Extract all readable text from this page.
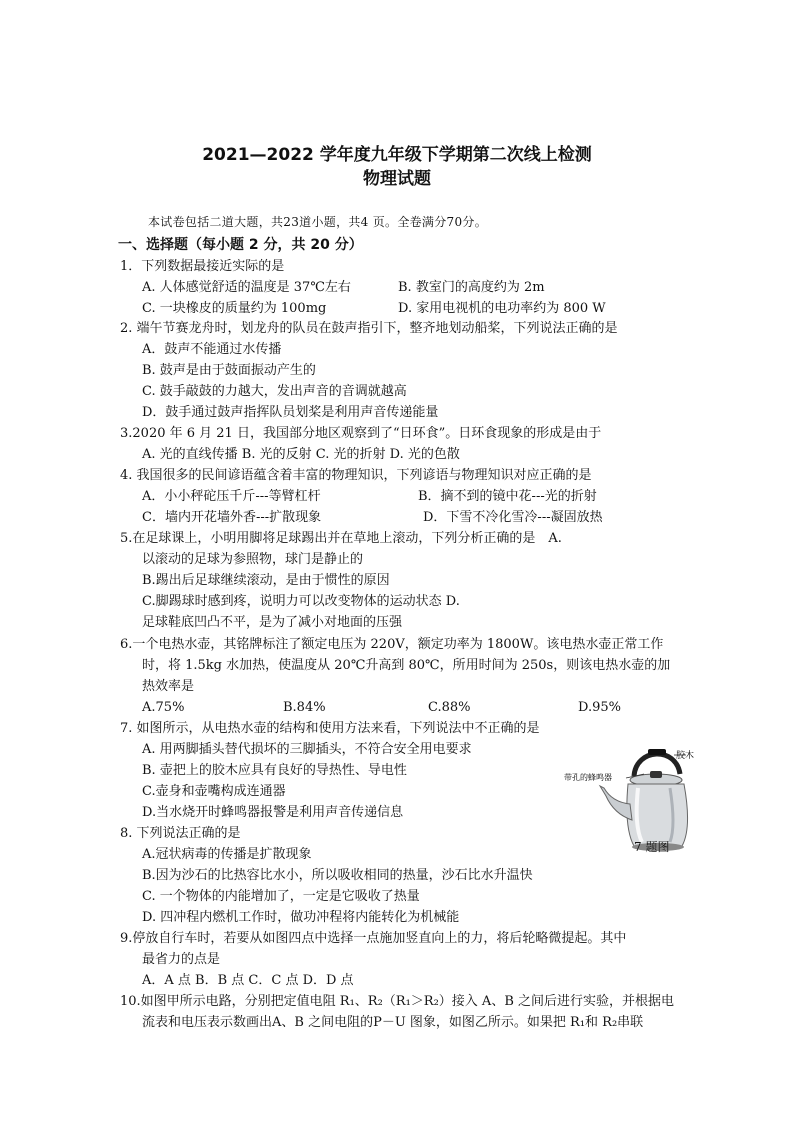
2021—2022 学年度九年级下学期第二次线上检测
物理试题
本试卷包括二道大题，共23道小题，共4 页。全卷满分70分。
一、选择题（每小题 2 分，共 20 分）
1．下列数据最接近实际的是
A. 人体感觉舒适的温度是 37℃左右	B. 教室门的高度约为 2m
C. 一块橡皮的质量约为 100mg	D. 家用电视机的电功率约为 800 W
2. 端午节赛龙舟时，划龙舟的队员在鼓声指引下，整齐地划动船桨，下列说法正确的是
A．鼓声不能通过水传播
B. 鼓声是由于鼓面振动产生的
C. 鼓手敲鼓的力越大，发出声音的音调就越高
D．鼓手通过鼓声指挥队员划桨是利用声音传递能量
3.2020 年 6 月 21 日，我国部分地区观察到了“日环食”。日环食现象的形成是由于
A. 光的直线传播 B. 光的反射 C. 光的折射 D. 光的色散
4. 我国很多的民间谚语蕴含着丰富的物理知识，下列谚语与物理知识对应正确的是
A．小小秤砣压千斤---等臂杠杆	B．摘不到的镜中花---光的折射
C．墙内开花墙外香---扩散现象	D．下雪不冷化雪冷---凝固放热
5.在足球课上，小明用脚将足球踢出并在草地上滚动，下列分析正确的是　A.
以滚动的足球为参照物，球门是静止的
B.踢出后足球继续滚动，是由于惯性的原因
C.脚踢球时感到疼，说明力可以改变物体的运动状态 D.
足球鞋底凹凸不平，是为了减小对地面的压强
6.一个电热水壶，其铭牌标注了额定电压为 220V，额定功率为 1800W。该电热水壶正常工作
时，将 1.5kg 水加热，使温度从 20℃升高到 80℃，所用时间为 250s，则该电热水壶的加
热效率是
A.75%	B.84%	C.88%	D.95%
7. 如图所示，从电热水壶的结构和使用方法来看，下列说法中不正确的是
A. 用两脚插头替代损坏的三脚插头，不符合安全用电要求
B. 壶把上的胶木应具有良好的导热性、导电性
C.壶身和壶嘴构成连通器
D.当水烧开时蜂鸣器报警是利用声音传递信息
胶木
带孔的蜂鸣器
7 题图
8. 下列说法正确的是
A.冠状病毒的传播是扩散现象
B.因为沙石的比热容比水小，所以吸收相同的热量，沙石比水升温快
C. 一个物体的内能增加了，一定是它吸收了热量
D. 四冲程内燃机工作时，做功冲程将内能转化为机械能
9.停放自行车时，若要从如图四点中选择一点施加竖直向上的力，将后轮略微提起。其中
最省力的点是
A．A 点 B．B 点 C．C 点 D．D 点
10.如图甲所示电路，分别把定值电阻 R₁、R₂（R₁＞R₂）接入 A、B 之间后进行实验，并根据电
流表和电压表示数画出A、B 之间电阻的P－U 图象，如图乙所示。如果把 R₁和 R₂串联
